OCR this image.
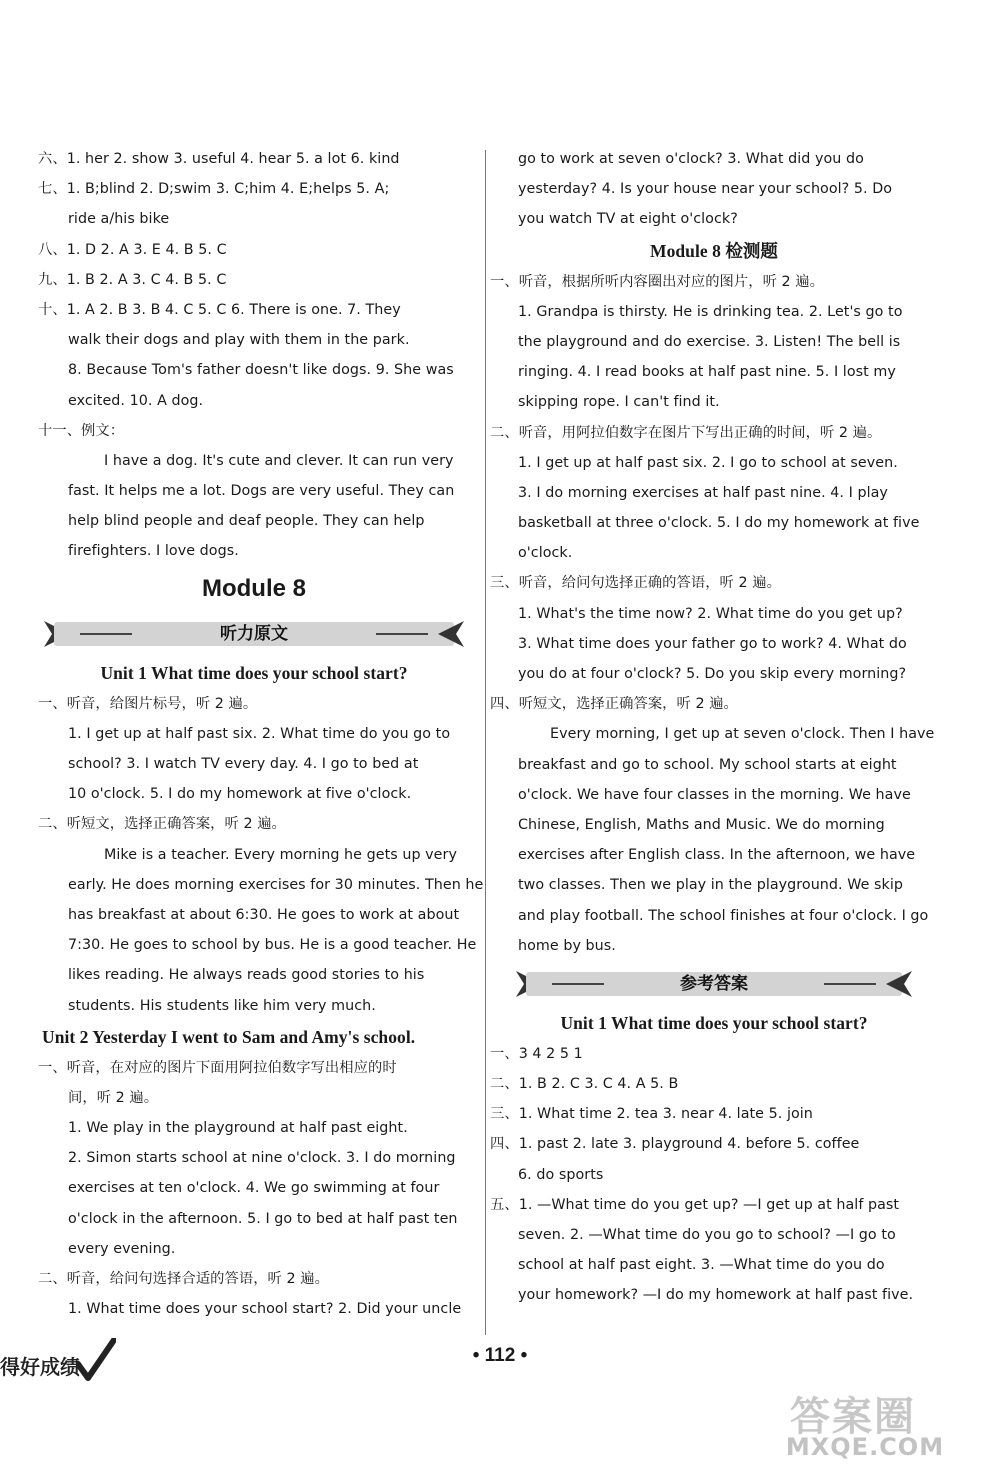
六、1. her 2. show 3. useful 4. hear 5. a lot 6. kind
七、1. B;blind 2. D;swim 3. C;him 4. E;helps 5. A;
ride a/his bike
八、1. D 2. A 3. E 4. B 5. C
九、1. B 2. A 3. C 4. B 5. C
十、1. A 2. B 3. B 4. C 5. C 6. There is one. 7. They
walk their dogs and play with them in the park.
8. Because Tom's father doesn't like dogs. 9. She was
excited. 10. A dog.
十一、例文：
I have a dog. It's cute and clever. It can run very
fast. It helps me a lot. Dogs are very useful. They can
help blind people and deaf people. They can help
firefighters. I love dogs.
Module 8
听力原文
Unit 1 What time does your school start?
一、听音，给图片标号，听 2 遍。
1. I get up at half past six. 2. What time do you go to
school? 3. I watch TV every day. 4. I go to bed at
10 o'clock. 5. I do my homework at five o'clock.
二、听短文，选择正确答案，听 2 遍。
Mike is a teacher. Every morning he gets up very
early. He does morning exercises for 30 minutes. Then he
has breakfast at about 6:30. He goes to work at about
7:30. He goes to school by bus. He is a good teacher. He
likes reading. He always reads good stories to his
students. His students like him very much.
Unit 2 Yesterday I went to Sam and Amy's school.
一、听音，在对应的图片下面用阿拉伯数字写出相应的时
间，听 2 遍。
1. We play in the playground at half past eight.
2. Simon starts school at nine o'clock. 3. I do morning
exercises at ten o'clock. 4. We go swimming at four
o'clock in the afternoon. 5. I go to bed at half past ten
every evening.
二、听音，给问句选择合适的答语，听 2 遍。
1. What time does your school start? 2. Did your uncle
go to work at seven o'clock? 3. What did you do
yesterday? 4. Is your house near your school? 5. Do
you watch TV at eight o'clock?
Module 8 检测题
一、听音，根据所听内容圈出对应的图片，听 2 遍。
1. Grandpa is thirsty. He is drinking tea. 2. Let's go to
the playground and do exercise. 3. Listen! The bell is
ringing. 4. I read books at half past nine. 5. I lost my
skipping rope. I can't find it.
二、听音，用阿拉伯数字在图片下写出正确的时间，听 2 遍。
1. I get up at half past six. 2. I go to school at seven.
3. I do morning exercises at half past nine. 4. I play
basketball at three o'clock. 5. I do my homework at five
o'clock.
三、听音，给问句选择正确的答语，听 2 遍。
1. What's the time now? 2. What time do you get up?
3. What time does your father go to work? 4. What do
you do at four o'clock? 5. Do you skip every morning?
四、听短文，选择正确答案，听 2 遍。
Every morning, I get up at seven o'clock. Then I have
breakfast and go to school. My school starts at eight
o'clock. We have four classes in the morning. We have
Chinese, English, Maths and Music. We do morning
exercises after English class. In the afternoon, we have
two classes. Then we play in the playground. We skip
and play football. The school finishes at four o'clock. I go
home by bus.
参考答案
Unit 1 What time does your school start?
一、3 4 2 5 1
二、1. B 2. C 3. C 4. A 5. B
三、1. What time 2. tea 3. near 4. late 5. join
四、1. past 2. late 3. playground 4. before 5. coffee
6. do sports
五、1. —What time do you get up? —I get up at half past
seven. 2. —What time do you go to school? —I go to
school at half past eight. 3. —What time do you do
your homework? —I do my homework at half past five.
得好成绩	• 112 •
答案圈
MXQE.COM
